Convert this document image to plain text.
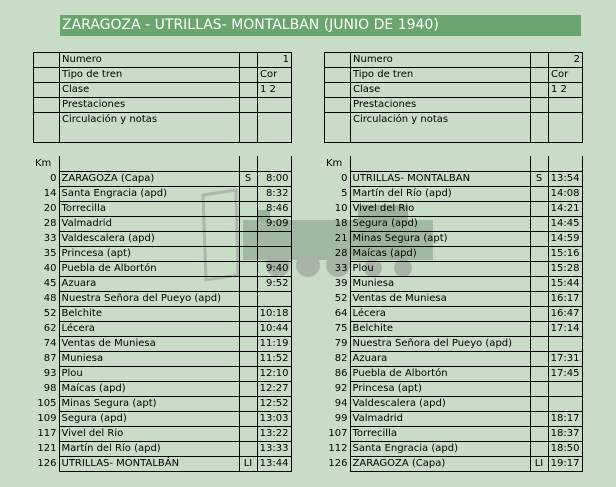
ZARAGOZA - UTRILLAS- MONTALBAN (JUNIO DE 1940)
	Numero		1
	Tipo de tren		Cor
	Clase		1 2
	Prestaciones		
	Circulación y notas		
	Numero		2
	Tipo de tren		Cor
	Clase		1 2
	Prestaciones		
	Circulación y notas		
Km			
0	ZARAGOZA (Capa)	S	8:00
14	Santa Engracia (apd)		8:32
20	Torrecilla		8:46
28	Valmadrid		9:09
33	Valdescalera (apd)		
35	Princesa (apt)		
40	Puebla de Albortón		9:40
45	Azuara		9:52
48	Nuestra Señora del Pueyo (apd)		
52	Belchite		10:18
62	Lécera		10:44
74	Ventas de Muniesa		11:19
87	Muniesa		11:52
93	Plou		12:10
98	Maícas (apd)		12:27
105	Minas Segura (apt)		12:52
109	Segura (apd)		13:03
117	Vivel del Rio		13:22
121	Martín del Río (apd)		13:33
126	UTRILLAS- MONTALBÁN	LI	13:44
Km			
0	UTRILLAS- MONTALBAN	S	13:54
5	Martín del Río (apd)		14:08
10	Vivel del Rio		14:21
18	Segura (apd)		14:45
21	Minas Segura (apt)		14:59
28	Maícas (apd)		15:16
33	Plou		15:28
39	Muniesa		15:44
52	Ventas de Muniesa		16:17
64	Lécera		16:47
75	Belchite		17:14
79	Nuestra Señora del Pueyo (apd)		
82	Azuara		17:31
86	Puebla de Albortón		17:45
92	Princesa (apt)		
94	Valdescalera (apd)		
99	Valmadrid		18:17
107	Torrecilla		18:37
112	Santa Engracia (apd)		18:50
126	ZARAGOZA (Capa)	LI	19:17
